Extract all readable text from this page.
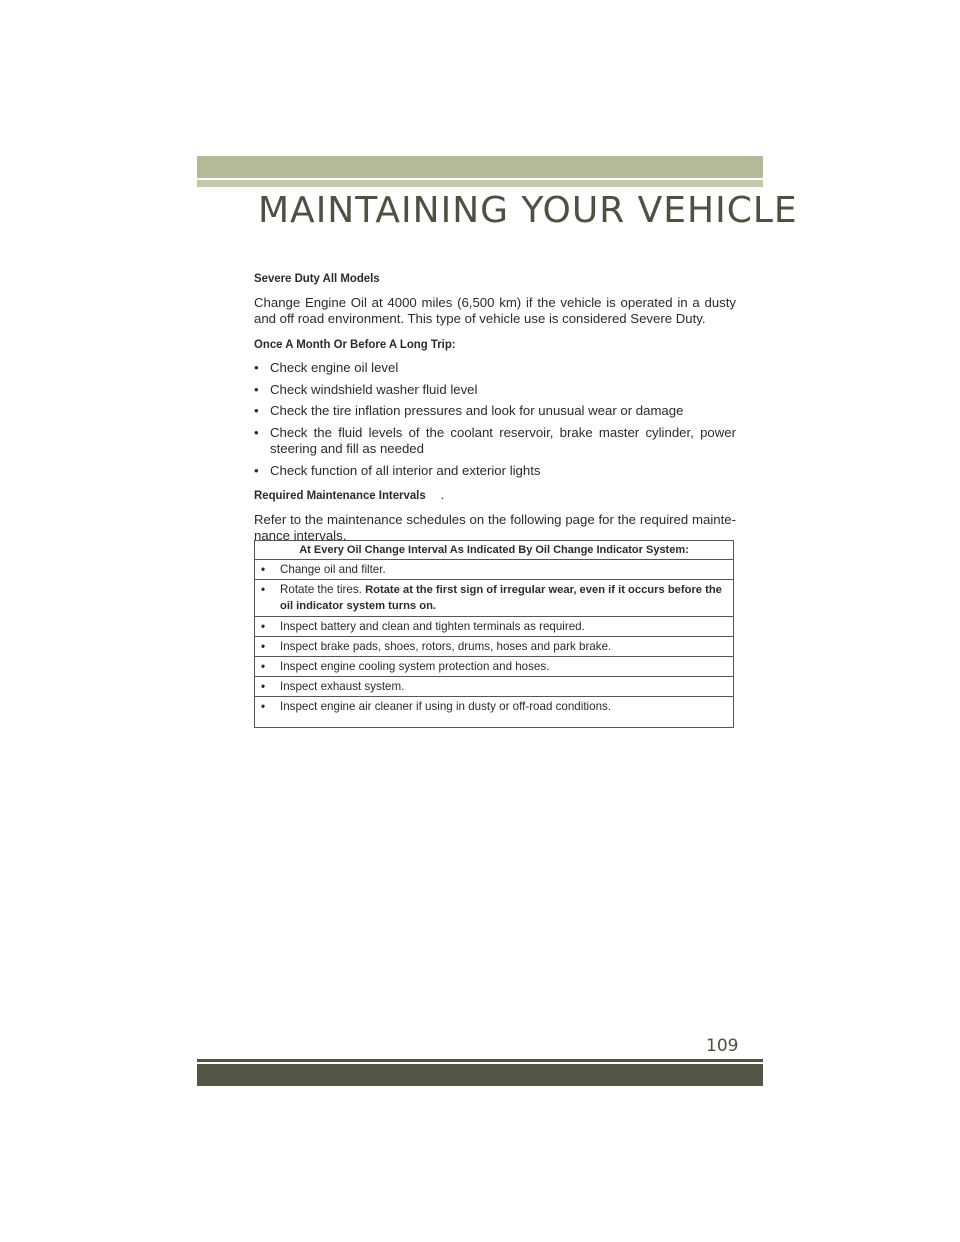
MAINTAINING YOUR VEHICLE

Severe Duty All Models

Change Engine Oil at 4000 miles (6,500 km) if the vehicle is operated in a dusty and off road environment. This type of vehicle use is considered Severe Duty.

Once A Month Or Before A Long Trip:

• Check engine oil level
• Check windshield washer fluid level
• Check the tire inflation pressures and look for unusual wear or damage
• Check the fluid levels of the coolant reservoir, brake master cylinder, power steering and fill as needed
• Check function of all interior and exterior lights

Required Maintenance Intervals .

Refer to the maintenance schedules on the following page for the required mainte-nance intervals.

At Every Oil Change Interval As Indicated By Oil Change Indicator System:

• Change oil and filter.

• Rotate the tires. Rotate at the first sign of irregular wear, even if it occurs before the oil indicator system turns on.

• Inspect battery and clean and tighten terminals as required.

• Inspect brake pads, shoes, rotors, drums, hoses and park brake.

• Inspect engine cooling system protection and hoses.

• Inspect exhaust system.

• Inspect engine air cleaner if using in dusty or off-road conditions.

109
